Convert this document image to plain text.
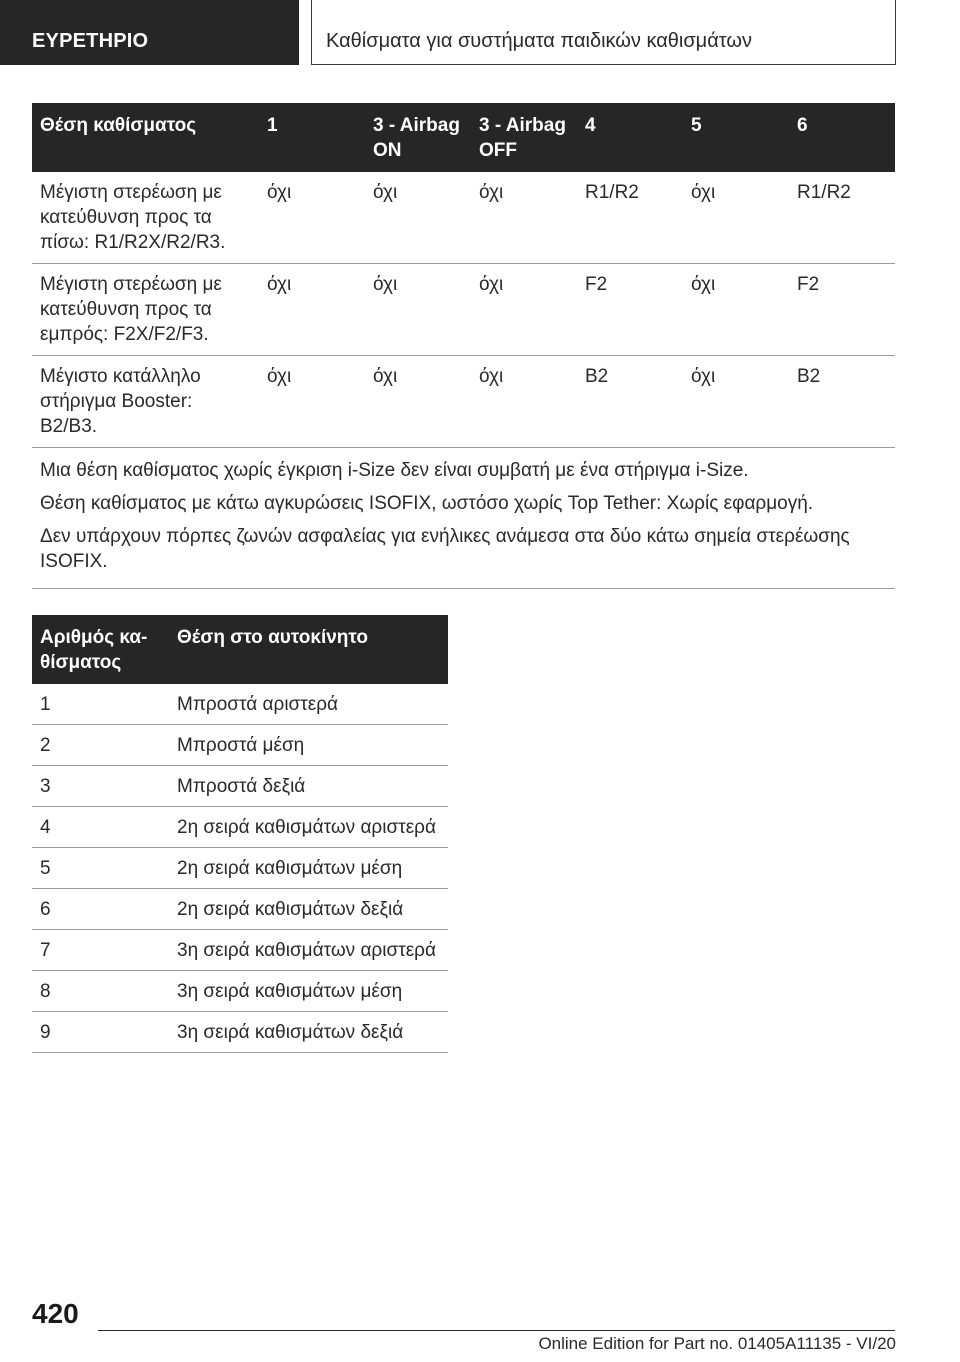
ΕΥΡΕΤΗΡΙΟ	Καθίσματα για συστήματα παιδικών καθισμάτων
Θέση καθίσματος	1	3 - Airbag ON	3 - Airbag OFF	4	5	6
Μέγιστη στερέωση με κατεύθυνση προς τα πίσω: R1/R2X/R2/R3.	όχι	όχι	όχι	R1/R2	όχι	R1/R2
Μέγιστη στερέωση με κατεύθυνση προς τα εμπρός: F2X/F2/F3.	όχι	όχι	όχι	F2	όχι	F2
Μέγιστο κατάλληλο στήριγμα Booster: B2/B3.	όχι	όχι	όχι	B2	όχι	B2

Μια θέση καθίσματος χωρίς έγκριση i-Size δεν είναι συμβατή με ένα στήριγμα i-Size.

Θέση καθίσματος με κάτω αγκυρώσεις ISOFIX, ωστόσο χωρίς Top Tether: Χωρίς εφαρμογή.

Δεν υπάρχουν πόρπες ζωνών ασφαλείας για ενήλικες ανάμεσα στα δύο κάτω σημεία στερέωσης ISOFIX.						

Αριθμός κα-θίσματος	Θέση στο αυτοκίνητο
1	Μπροστά αριστερά
2	Μπροστά μέση
3	Μπροστά δεξιά
4	2η σειρά καθισμάτων αριστερά
5	2η σειρά καθισμάτων μέση
6	2η σειρά καθισμάτων δεξιά
7	3η σειρά καθισμάτων αριστερά
8	3η σειρά καθισμάτων μέση
9	3η σειρά καθισμάτων δεξιά
420
Online Edition for Part no. 01405A11135 - VI/20
